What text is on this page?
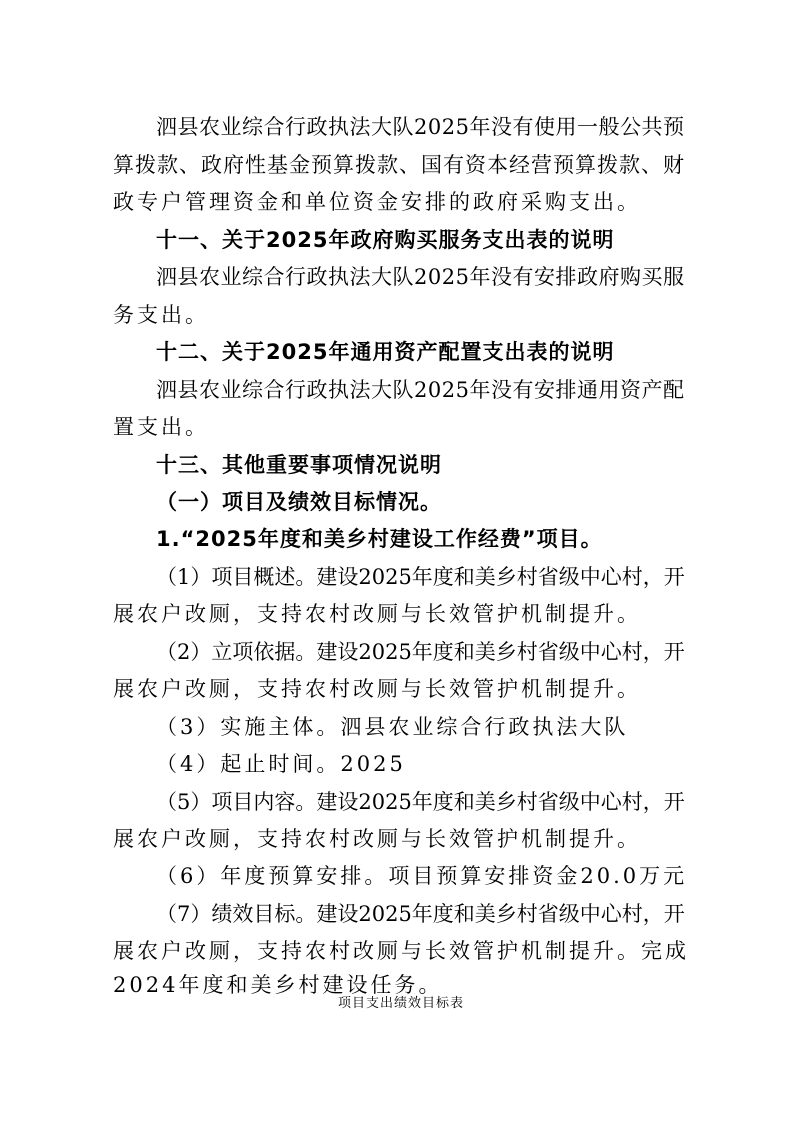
泗县农业综合行政执法大队2025年没有使用一般公共预
算拨款、政府性基金预算拨款、国有资本经营预算拨款、财
政专户管理资金和单位资金安排的政府采购支出。
十一、关于2025年政府购买服务支出表的说明
泗县农业综合行政执法大队2025年没有安排政府购买服
务支出。
十二、关于2025年通用资产配置支出表的说明
泗县农业综合行政执法大队2025年没有安排通用资产配
置支出。
十三、其他重要事项情况说明
（一）项目及绩效目标情况。
1.“2025年度和美乡村建设工作经费”项目。
（1）项目概述。建设2025年度和美乡村省级中心村，开
展农户改厕，支持农村改厕与长效管护机制提升。
（2）立项依据。建设2025年度和美乡村省级中心村，开
展农户改厕，支持农村改厕与长效管护机制提升。
（3）实施主体。泗县农业综合行政执法大队
（4）起止时间。2025
（5）项目内容。建设2025年度和美乡村省级中心村，开
展农户改厕，支持农村改厕与长效管护机制提升。
（6）年度预算安排。项目预算安排资金20.0万元
（7）绩效目标。建设2025年度和美乡村省级中心村，开
展农户改厕，支持农村改厕与长效管护机制提升。完成
2024年度和美乡村建设任务。
项目支出绩效目标表
